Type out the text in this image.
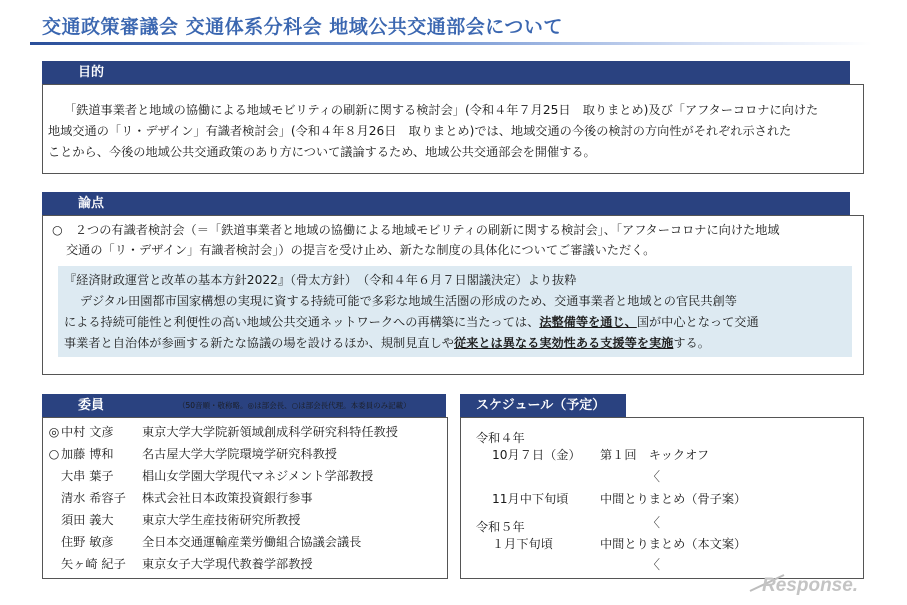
交通政策審議会 交通体系分科会 地域公共交通部会について
目的
「鉄道事業者と地域の協働による地域モビリティの刷新に関する検討会」(令和４年７月25日　取りまとめ)及び「アフターコロナに向けた
地域交通の「リ・デザイン」有識者検討会」(令和４年８月26日　取りまとめ)では、地域交通の今後の検討の方向性がそれぞれ示された
ことから、今後の地域公共交通政策のあり方について議論するため、地域公共交通部会を開催する。
論点
○　 ２つの有識者検討会（＝「鉄道事業者と地域の協働による地域モビリティの刷新に関する検討会」、「アフターコロナに向けた地域
交通の「リ・デザイン」有識者検討会」）の提言を受け止め、新たな制度の具体化についてご審議いただく。
『経済財政運営と改革の基本方針2022』（骨太方針）　（令和４年６月７日閣議決定）より抜粋
デジタル田園都市国家構想の実現に資する持続可能で多彩な地域生活圏の形成のため、交通事業者と地域との官民共創等
による持続可能性と利便性の高い地域公共交通ネットワークへの再構築に当たっては、法整備等を通じ、国が中心となって交通
事業者と自治体が参画する新たな協議の場を設けるほか、規制見直しや従来とは異なる実効性ある支援等を実施する。
委員	（50音順・敬称略。◎は部会長、○は部会長代理。本委員のみ記載）
◎ 中村 文彦 東京大学大学院新領域創成科学研究科特任教授
○ 加藤 博和 名古屋大学大学院環境学研究科教授
大串 葉子 椙山女学園大学現代マネジメント学部教授
清水 希容子 株式会社日本政策投資銀行参事
須田 義大 東京大学生産技術研究所教授
住野 敏彦 全日本交通運輸産業労働組合協議会議長
矢ヶ崎 紀子 東京女子大学現代教養学部教授
スケジュール（予定）
令和４年
10月７日（金） 第１回　キックオフ
〈
11月中下旬頃	中間とりまとめ（骨子案）
〈
令和５年
１月下旬頃	中間とりまとめ（本文案）
〈
Response.
